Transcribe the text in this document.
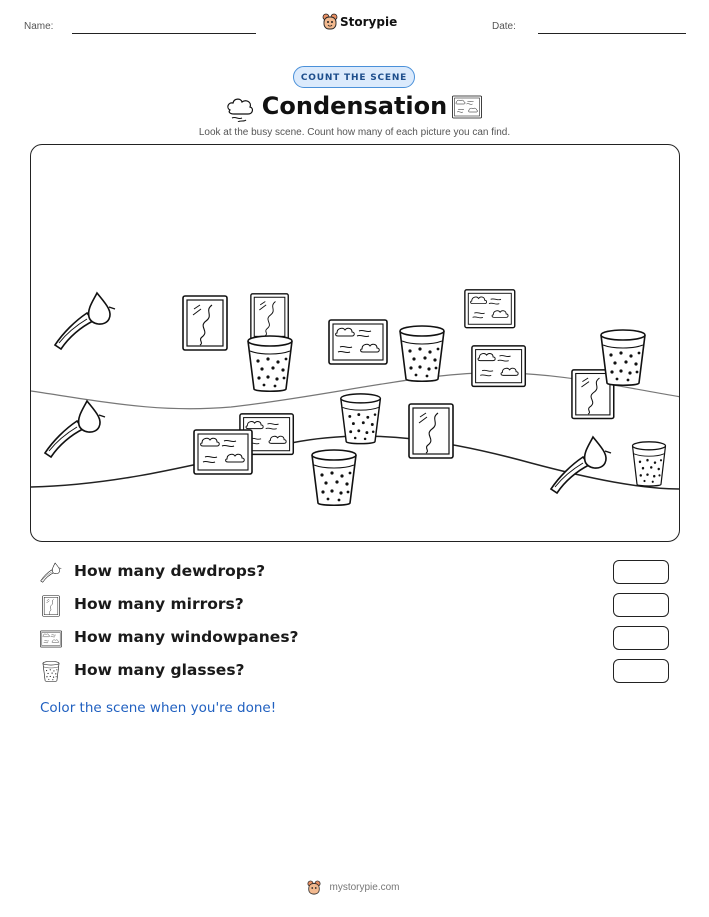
Name:	Storypie	Date:
COUNT THE SCENE
Condensation
Look at the busy scene. Count how many of each picture you can find.
How many dewdrops?
How many mirrors?
How many windowpanes?
How many glasses?
Color the scene when you're done!
mystorypie.com
